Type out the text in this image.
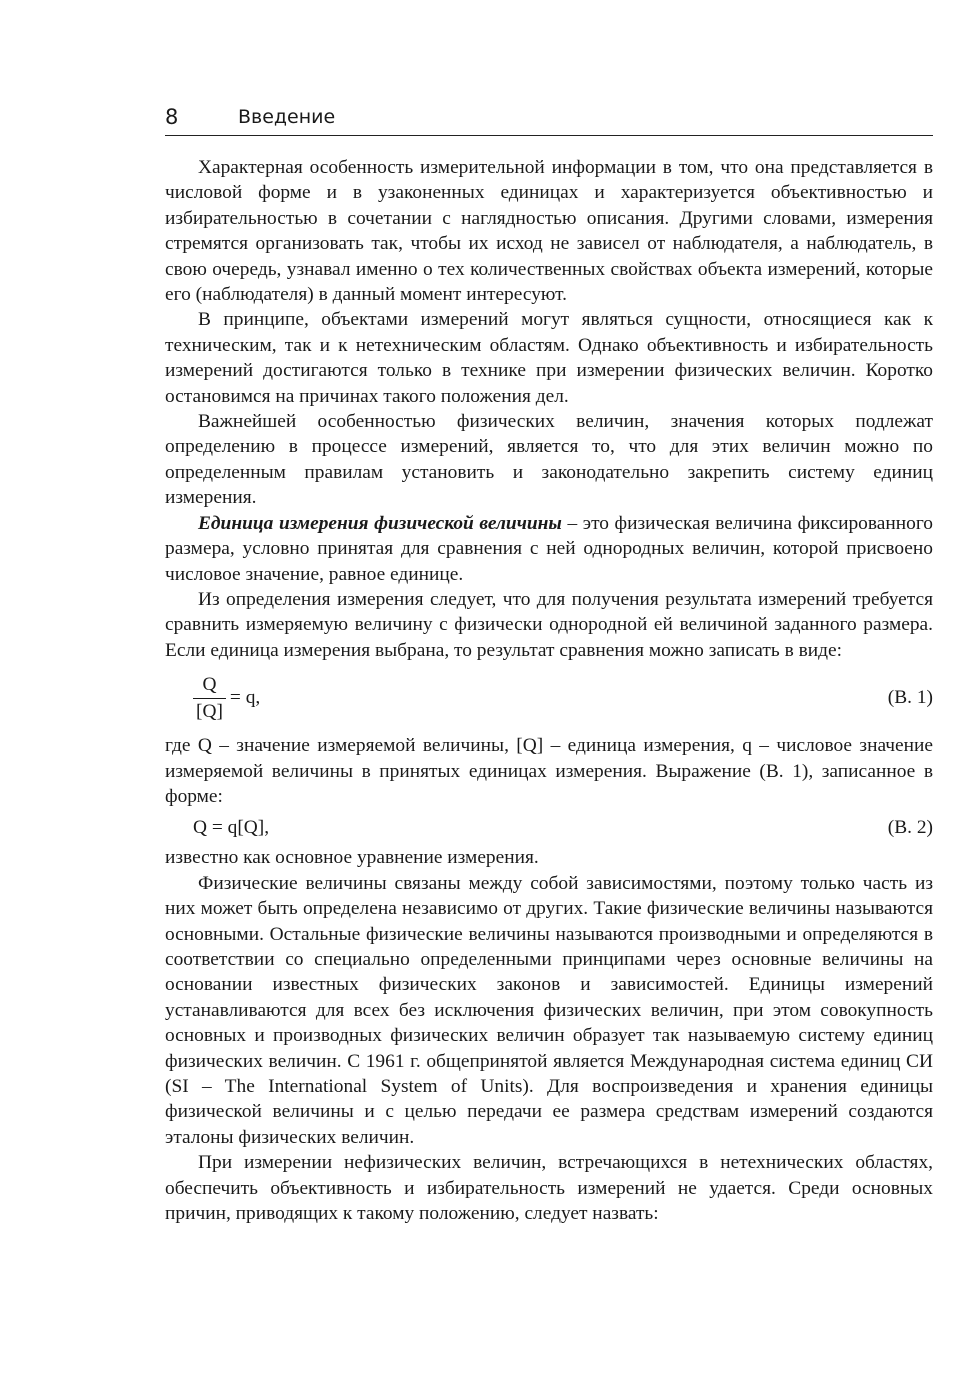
8	Введение

Характерная особенность измерительной информации в том, что она представляется в числовой форме и в узаконенных единицах и характеризуется объективностью и избирательностью в сочетании с наглядностью описания. Другими словами, измерения стремятся организовать так, чтобы их исход не зависел от наблюдателя, а наблюдатель, в свою очередь, узнавал именно о тех количественных свойствах объекта измерений, которые его (наблюдателя) в данный момент интересуют.

В принципе, объектами измерений могут являться сущности, относящиеся как к техническим, так и к нетехническим областям. Однако объективность и избирательность измерений достигаются только в технике при измерении физических величин. Коротко остановимся на причинах такого положения дел.

Важнейшей особенностью физических величин, значения которых подлежат определению в процессе измерений, является то, что для этих величин можно по определенным правилам установить и законодательно закрепить систему единиц измерения.

Единица измерения физической величины – это физическая величина фиксированного размера, условно принятая для сравнения с ней однородных величин, которой присвоено числовое значение, равное единице.

Из определения измерения следует, что для получения результата измерений требуется сравнить измеряемую величину с физически однородной ей величиной заданного размера. Если единица измерения выбрана, то результат сравнения можно записать в виде:

$\frac{Q}{[Q]} = q$,	(В. 1)

где Q – значение измеряемой величины, [Q] – единица измерения, q – числовое значение измеряемой величины в принятых единицах измерения. Выражение (В. 1), записанное в форме:

Q = q[Q],	(В. 2)

известно как основное уравнение измерения.

Физические величины связаны между собой зависимостями, поэтому только часть из них может быть определена независимо от других. Такие физические величины называются основными. Остальные физические величины называются производными и определяются в соответствии со специально определенными принципами через основные величины на основании известных физических законов и зависимостей. Единицы измерений устанавливаются для всех без исключения физических величин, при этом совокупность основных и производных физических величин образует так называемую систему единиц физических величин. С 1961 г. общепринятой является Международная система единиц СИ (SI – The International System of Units). Для воспроизведения и хранения единицы физической величины и с целью передачи ее размера средствам измерений создаются эталоны физических величин.

При измерении нефизических величин, встречающихся в нетехнических областях, обеспечить объективность и избирательность измерений не удается. Среди основных причин, приводящих к такому положению, следует назвать:
